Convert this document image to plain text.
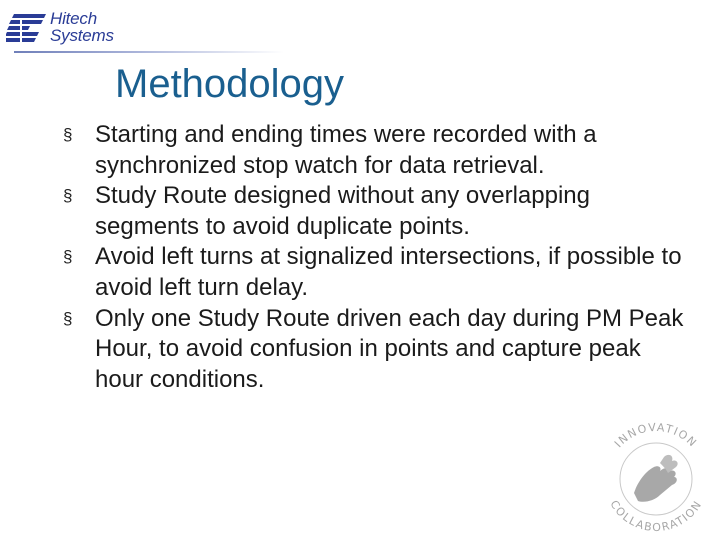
Hitech
Systems
Methodology
§ Starting and ending times were recorded with a synchronized stop watch for data retrieval.
§ Study Route designed without any overlapping segments to avoid duplicate points.
§ Avoid left turns at signalized intersections, if possible to avoid left turn delay.
§ Only one Study Route driven each day during PM Peak Hour, to avoid confusion in points and capture peak hour conditions.
INNOVATION
COLLABORATION
